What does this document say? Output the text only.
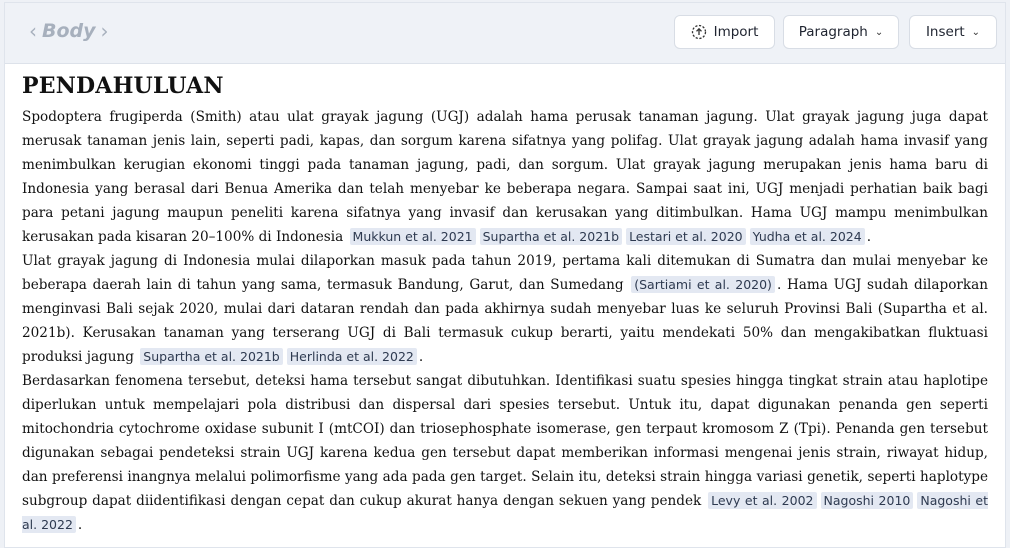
‹ Body ›	Import	Paragraph ⌄	Insert ⌄
PENDAHULUAN

Spodoptera frugiperda (Smith) atau ulat grayak jagung (UGJ) adalah hama perusak tanaman jagung. Ulat grayak jagung juga dapat merusak tanaman jenis lain, seperti padi, kapas, dan sorgum karena sifatnya yang polifag. Ulat grayak jagung adalah hama invasif yang menimbulkan kerugian ekonomi tinggi pada tanaman jagung, padi, dan sorgum. Ulat grayak jagung merupakan jenis hama baru di Indonesia yang berasal dari Benua Amerika dan telah menyebar ke beberapa negara. Sampai saat ini, UGJ menjadi perhatian baik bagi para petani jagung maupun peneliti karena sifatnya yang invasif dan kerusakan yang ditimbulkan. Hama UGJ mampu menimbulkan kerusakan pada kisaran 20–100% di Indonesia Mukkun et al. 2021 Supartha et al. 2021b Lestari et al. 2020 Yudha et al. 2024 .

Ulat grayak jagung di Indonesia mulai dilaporkan masuk pada tahun 2019, pertama kali ditemukan di Sumatra dan mulai menyebar ke beberapa daerah lain di tahun yang sama, termasuk Bandung, Garut, dan Sumedang (Sartiami et al. 2020) . Hama UGJ sudah dilaporkan menginvasi Bali sejak 2020, mulai dari dataran rendah dan pada akhirnya sudah menyebar luas ke seluruh Provinsi Bali (Supartha et al. 2021b). Kerusakan tanaman yang terserang UGJ di Bali termasuk cukup berarti, yaitu mendekati 50% dan mengakibatkan fluktuasi produksi jagung Supartha et al. 2021b Herlinda et al. 2022 .

Berdasarkan fenomena tersebut, deteksi hama tersebut sangat dibutuhkan. Identifikasi suatu spesies hingga tingkat strain atau haplotipe diperlukan untuk mempelajari pola distribusi dan dispersal dari spesies tersebut. Untuk itu, dapat digunakan penanda gen seperti mitochondria cytochrome oxidase subunit I (mtCOI) dan triosephosphate isomerase, gen terpaut kromosom Z (Tpi). Penanda gen tersebut digunakan sebagai pendeteksi strain UGJ karena kedua gen tersebut dapat memberikan informasi mengenai jenis strain, riwayat hidup, dan preferensi inangnya melalui polimorfisme yang ada pada gen target. Selain itu, deteksi strain hingga variasi genetik, seperti haplotype subgroup dapat diidentifikasi dengan cepat dan cukup akurat hanya dengan sekuen yang pendek Levy et al. 2002 Nagoshi 2010 Nagoshi et al. 2022 .
